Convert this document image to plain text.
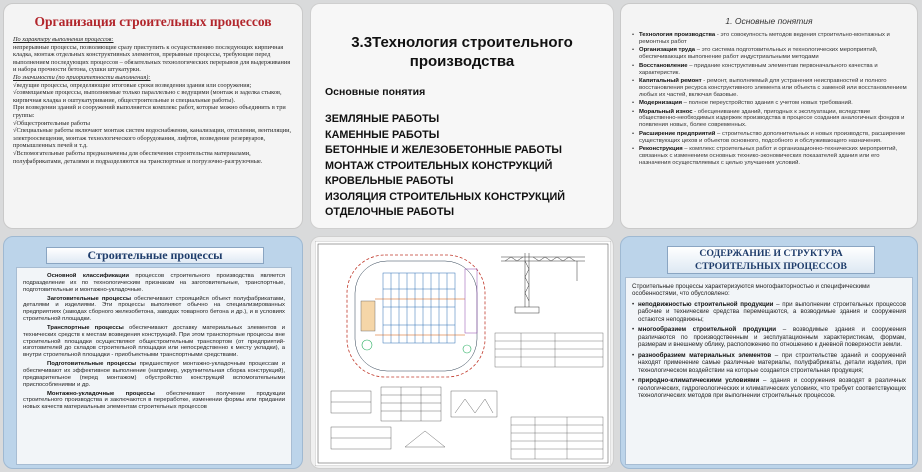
Организация строительных процессов

По характеру выполнения процессов:

непрерывные процессы, позволяющие сразу приступить к осуществлению последующих кирпичная кладка, монтаж отдельных конструктивных элементов, прерывные процессы, требующие перед выполнением последующих процессов – обязательных технологических перерывов для выдерживания и набора прочности бетона, сушки штукатурки.

По значимости (по приоритетности выполнения):

√ведущие процессы, определяющие итоговые сроки возведения здания или сооружения;

√совмещаемые процессы, выполняемые только параллельно с ведущими (монтаж и заделка стыков, кирпичная кладка и оштукатуривание, общестроительные и специальные работы).

При возведении зданий и сооружений выполняется комплекс работ, которые можно объединить в три группы:

√Общестроительные работы

√Специальные работы включают монтаж систем водоснабжения, канализации, отопления, вентиляции, электроосвещения, монтаж технологического оборудования, лифтов, возведение резервуаров, промышленных печей и т.д.

√Вспомогательные работы предназначены для обеспечения строительства материалами, полуфабрикатами, деталями и подразделяются на транспортные и погрузочно-разгрузочные.

3.3Технология строительного производства
Основные понятия
ЗЕМЛЯНЫЕ РАБОТЫ
КАМЕННЫЕ РАБОТЫ
БЕТОННЫЕ И ЖЕЛЕЗОБЕТОННЫЕ РАБОТЫ
МОНТАЖ СТРОИТЕЛЬНЫХ КОНСТРУКЦИЙ
КРОВЕЛЬНЫЕ РАБОТЫ
ИЗОЛЯЦИЯ СТРОИТЕЛЬНЫХ КОНСТРУКЦИЙ
ОТДЕЛОЧНЫЕ РАБОТЫ
1. Основные понятия
• Технология производства - это совокупность методов ведения строительно-монтажных и ремонтных работ
• Организация труда – это система подготовительных и технологических мероприятий, обеспечивающих выполнение работ индустриальными методами
• Восстановление – придание конструктивным элементам первоначального качества и характеристик.
• Капитальный ремонт - ремонт, выполняемый для устранения неисправностей и полного восстановления ресурса конструктивного элемента или объекта с заменой или восстановлением любых их частей, включая базовые.
• Модернизация – полное переустройство здания с учетом новых требований.
• Моральный износ - обесценивание зданий, пригодных к эксплуатации, вследствие общественно-необходимых издержек производства в процессе создания аналогичных фондов и появления новых, более современных.
• Расширение предприятий – строительство дополнительных и новых производств, расширение существующих цехов и объектов основного, подсобного и обслуживающего назначения.
• Реконструкция – комплекс строительных работ и организационно-технических мероприятий, связанных с изменением основных технико-экономических показателей здания или его назначения осуществляемых с целью улучшения условий.
Строительные процессы

Основной классификации процессов строительного производства является подразделение их по технологическим признакам на заготовительные, транспортные, подготовительные и монтажно-укладочные.

Заготовительные процессы обеспечивают строящийся объект полуфабрикатами, деталями и изделиями. Эти процессы выполняют обычно на специализированных предприятиях (заводах сборного железобетона, заводах товарного бетона и др.), и в условиях строительной площадки.

Транспортные процессы обеспечивают доставку материальных элементов и технических средств к местам возведения конструкций. При этом транспортные процессы вне строительной площадки осуществляют общестроительным транспортом (от предприятий-изготовителей до складов строительной площадки или непосредственно к месту укладки), а внутри строительной площадки - приобъектными транспортными средствами.

Подготовительные процессы предшествуют монтажно-укладочным процессам и обеспечивают их эффективное выполнение (например, укрупнительная сборка конструкций), предварительное (перед монтажом) обустройство конструкций вспомогательными приспособлениями и др.

Монтажно-укладочные процессы обеспечивают получение продукции строительного производства и заключаются в переработке, изменении формы или придании новых качеств материальным элементам строительных процессов

СОДЕРЖАНИЕ И СТРУКТУРА
СТРОИТЕЛЬНЫХ ПРОЦЕССОВ
Строительные процессы характеризуются многофакторностью и специфическими особенностями, что обусловлено:
• неподвижностью строительной продукции – при выполнении строительных процессов рабочие и технические средства перемещаются, а возводимые здания и сооружения остаются неподвижны;
• многообразием строительной продукции – возводимые здания и сооружения различаются по производственным и эксплуатационным характеристикам, формам, размерам и внешнему облику, расположению по отношению к дневной поверхности земли.
• разнообразием материальных элементов – при строительстве зданий и сооружений находят применение самые различные материалы, полуфабрикаты, детали изделия, при технологическом воздействии на которые создается строительная продукция;
• природно-климатическими условиями – здания и сооружения возводят в различных геологических, гидрогеологических и климатических условиях, что требует соответствующих технологических методов при выполнении строительных процессов.
